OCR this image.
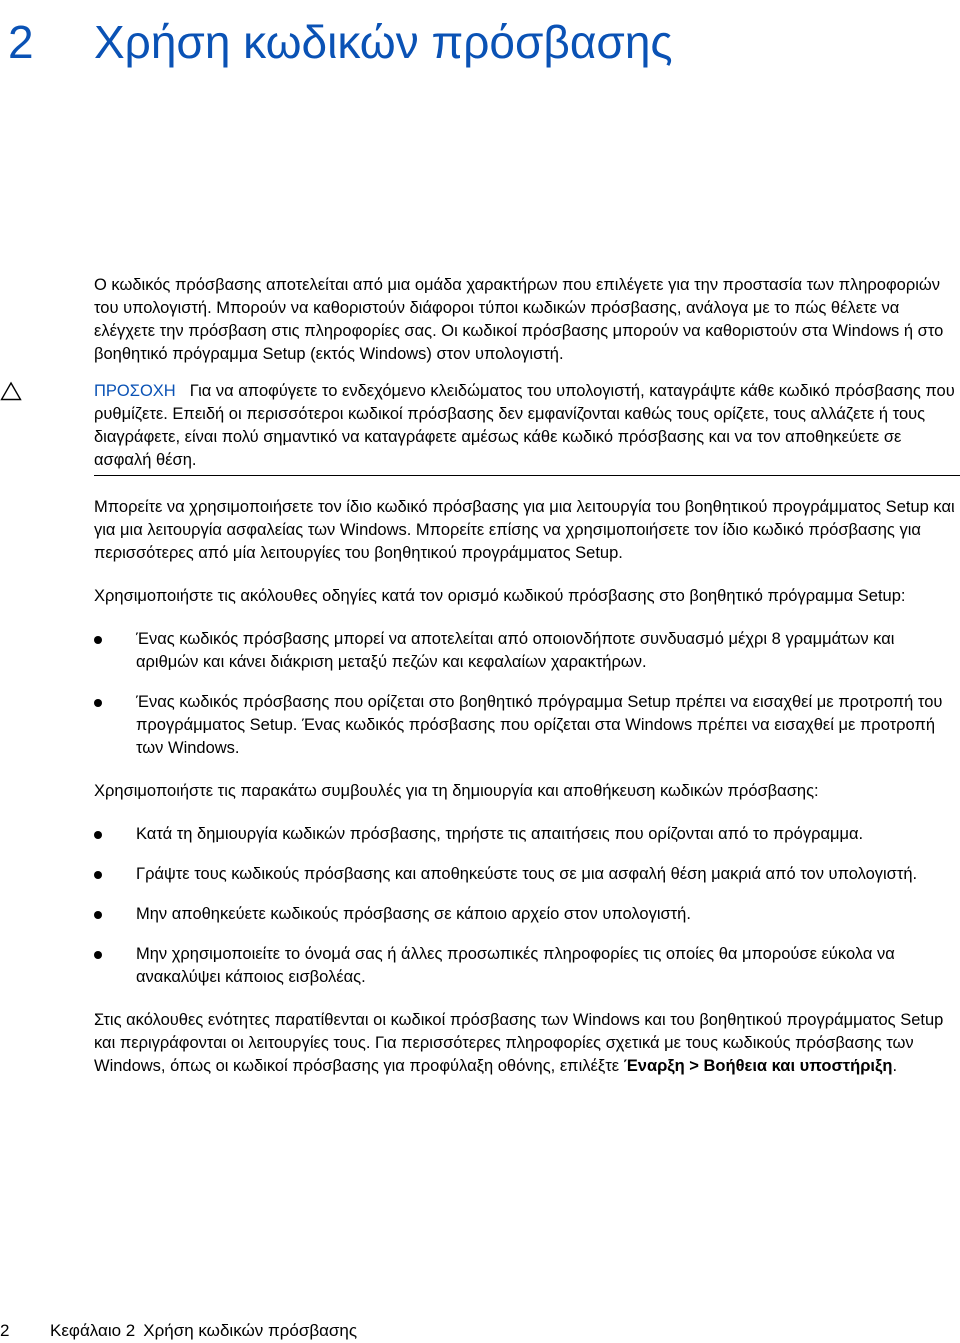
2 Χρήση κωδικών πρόσβασης

Ο κωδικός πρόσβασης αποτελείται από μια ομάδα χαρακτήρων που επιλέγετε για την προστασία των πληροφοριών του υπολογιστή. Μπορούν να καθοριστούν διάφοροι τύποι κωδικών πρόσβασης, ανάλογα με το πώς θέλετε να ελέγχετε την πρόσβαση στις πληροφορίες σας. Οι κωδικοί πρόσβασης μπορούν να καθοριστούν στα Windows ή στο βοηθητικό πρόγραμμα Setup (εκτός Windows) στον υπολογιστή.

ΠΡΟΣΟΧΗ Για να αποφύγετε το ενδεχόμενο κλειδώματος του υπολογιστή, καταγράψτε κάθε κωδικό πρόσβασης που ρυθμίζετε. Επειδή οι περισσότεροι κωδικοί πρόσβασης δεν εμφανίζονται καθώς τους ορίζετε, τους αλλάζετε ή τους διαγράφετε, είναι πολύ σημαντικό να καταγράφετε αμέσως κάθε κωδικό πρόσβασης και να τον αποθηκεύετε σε ασφαλή θέση.

Μπορείτε να χρησιμοποιήσετε τον ίδιο κωδικό πρόσβασης για μια λειτουργία του βοηθητικού προγράμματος Setup και για μια λειτουργία ασφαλείας των Windows. Μπορείτε επίσης να χρησιμοποιήσετε τον ίδιο κωδικό πρόσβασης για περισσότερες από μία λειτουργίες του βοηθητικού προγράμματος Setup.

Χρησιμοποιήστε τις ακόλουθες οδηγίες κατά τον ορισμό κωδικού πρόσβασης στο βοηθητικό πρόγραμμα Setup:

Ένας κωδικός πρόσβασης μπορεί να αποτελείται από οποιονδήποτε συνδυασμό μέχρι 8 γραμμάτων και αριθμών και κάνει διάκριση μεταξύ πεζών και κεφαλαίων χαρακτήρων.
Ένας κωδικός πρόσβασης που ορίζεται στο βοηθητικό πρόγραμμα Setup πρέπει να εισαχθεί με προτροπή του προγράμματος Setup. Ένας κωδικός πρόσβασης που ορίζεται στα Windows πρέπει να εισαχθεί με προτροπή των Windows.

Χρησιμοποιήστε τις παρακάτω συμβουλές για τη δημιουργία και αποθήκευση κωδικών πρόσβασης:

Κατά τη δημιουργία κωδικών πρόσβασης, τηρήστε τις απαιτήσεις που ορίζονται από το πρόγραμμα.
Γράψτε τους κωδικούς πρόσβασης και αποθηκεύστε τους σε μια ασφαλή θέση μακριά από τον υπολογιστή.
Μην αποθηκεύετε κωδικούς πρόσβασης σε κάποιο αρχείο στον υπολογιστή.
Μην χρησιμοποιείτε το όνομά σας ή άλλες προσωπικές πληροφορίες τις οποίες θα μπορούσε εύκολα να ανακαλύψει κάποιος εισβολέας.

Στις ακόλουθες ενότητες παρατίθενται οι κωδικοί πρόσβασης των Windows και του βοηθητικού προγράμματος Setup και περιγράφονται οι λειτουργίες τους. Για περισσότερες πληροφορίες σχετικά με τους κωδικούς πρόσβασης των Windows, όπως οι κωδικοί πρόσβασης για προφύλαξη οθόνης, επιλέξτε Έναρξη > Βοήθεια και υποστήριξη.

2 Κεφάλαιο 2 Χρήση κωδικών πρόσβασης
